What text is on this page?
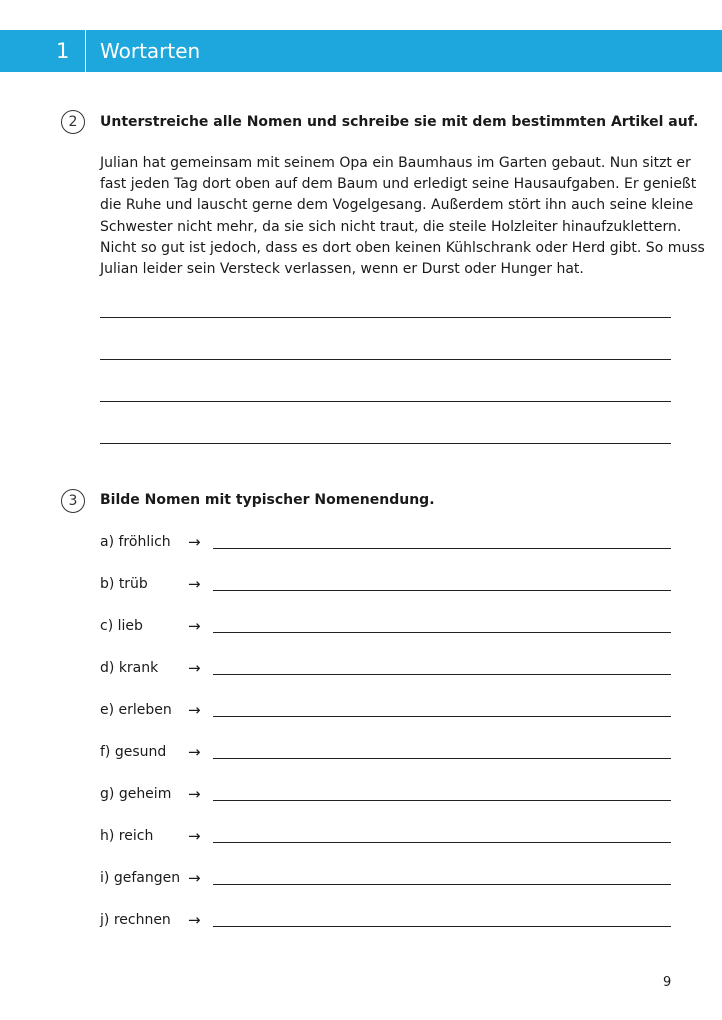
1 Wortarten
2	Unterstreiche alle Nomen und schreibe sie mit dem bestimmten Artikel auf.
Julian hat gemeinsam mit seinem Opa ein Baumhaus im Garten gebaut. Nun sitzt er
fast jeden Tag dort oben auf dem Baum und erledigt seine Hausaufgaben. Er genießt
die Ruhe und lauscht gerne dem Vogelgesang. Außerdem stört ihn auch seine kleine
Schwester nicht mehr, da sie sich nicht traut, die steile Holzleiter hinaufzuklettern.
Nicht so gut ist jedoch, dass es dort oben keinen Kühlschrank oder Herd gibt. So muss
Julian leider sein Versteck verlassen, wenn er Durst oder Hunger hat.
3	Bilde Nomen mit typischer Nomenendung.
a) fröhlich →
b) trüb	→
c) lieb	→
d) krank →
e) erleben →
f) gesund →
g) geheim →
h) reich →
i) gefangen →
j) rechnen →
9
